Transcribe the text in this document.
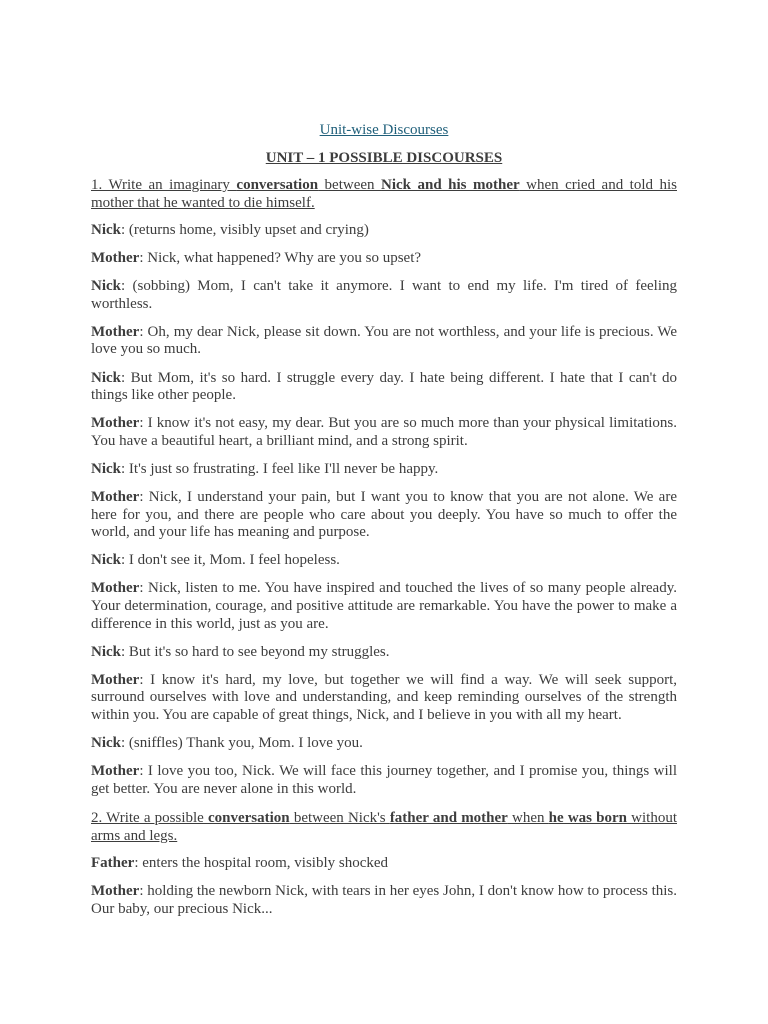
Unit-wise Discourses
UNIT – 1 POSSIBLE DISCOURSES
1. Write an imaginary conversation between Nick and his mother when cried and told his mother that he wanted to die himself.
Nick: (returns home, visibly upset and crying)
Mother: Nick, what happened? Why are you so upset?
Nick: (sobbing) Mom, I can't take it anymore. I want to end my life. I'm tired of feeling worthless.
Mother: Oh, my dear Nick, please sit down. You are not worthless, and your life is precious. We love you so much.
Nick: But Mom, it's so hard. I struggle every day. I hate being different. I hate that I can't do things like other people.
Mother: I know it's not easy, my dear. But you are so much more than your physical limitations. You have a beautiful heart, a brilliant mind, and a strong spirit.
Nick: It's just so frustrating. I feel like I'll never be happy.
Mother: Nick, I understand your pain, but I want you to know that you are not alone. We are here for you, and there are people who care about you deeply. You have so much to offer the world, and your life has meaning and purpose.
Nick: I don't see it, Mom. I feel hopeless.
Mother: Nick, listen to me. You have inspired and touched the lives of so many people already. Your determination, courage, and positive attitude are remarkable. You have the power to make a difference in this world, just as you are.
Nick: But it's so hard to see beyond my struggles.
Mother: I know it's hard, my love, but together we will find a way. We will seek support, surround ourselves with love and understanding, and keep reminding ourselves of the strength within you. You are capable of great things, Nick, and I believe in you with all my heart.
Nick: (sniffles) Thank you, Mom. I love you.
Mother: I love you too, Nick. We will face this journey together, and I promise you, things will get better. You are never alone in this world.
2. Write a possible conversation between Nick's father and mother when he was born without arms and legs.
Father: enters the hospital room, visibly shocked
Mother: holding the newborn Nick, with tears in her eyes John, I don't know how to process this. Our baby, our precious Nick...
